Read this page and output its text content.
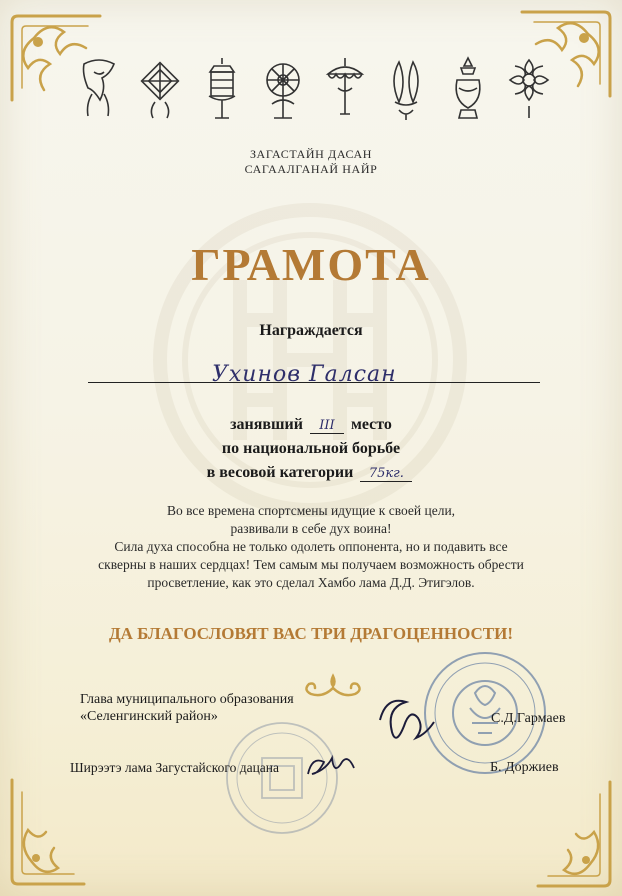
ЗАГАСТАЙН ДАСАН
САГААЛГАНАЙ НАЙР
ГРАМОТА
Награждается
Ухинов Галсан
занявший III место
по национальной борьбе
в весовой категории 75кг.
Во все времена спортсмены идущие к своей цели,
развивали в себе дух воина!
Сила духа способна не только одолеть оппонента, но и подавить все
скверны в наших сердцах! Тем самым мы получаем возможность обрести
просветление, как это сделал Хамбо лама Д.Д. Этигэлов.
ДА БЛАГОСЛОВЯТ ВАС ТРИ ДРАГОЦЕННОСТИ!
Глава муниципального образования
«Селенгинский район»	С.Д.Гармаев
Ширээтэ лама Загустайского дацана	Б. Доржиев
